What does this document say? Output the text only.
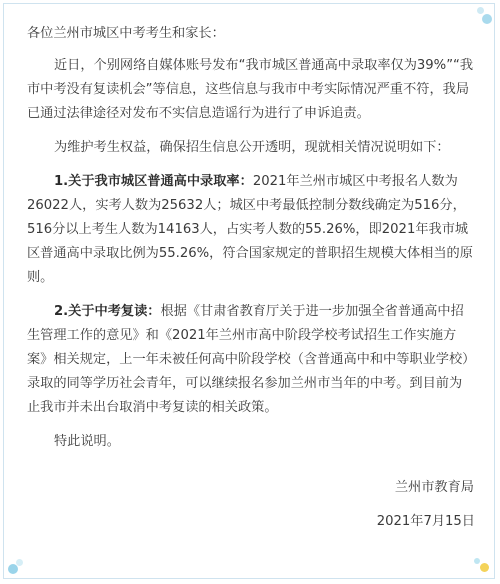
各位兰州市城区中考考生和家长：

近日，个别网络自媒体账号发布“我市城区普通高中录取率仅为39%”“我市中考没有复读机会”等信息，这些信息与我市中考实际情况严重不符，我局已通过法律途径对发布不实信息造谣行为进行了申诉追责。

为维护考生权益，确保招生信息公开透明，现就相关情况说明如下：

1.关于我市城区普通高中录取率：2021年兰州市城区中考报名人数为26022人，实考人数为25632人；城区中考最低控制分数线确定为516分，516分以上考生人数为14163人，占实考人数的55.26%，即2021年我市城区普通高中录取比例为55.26%，符合国家规定的普职招生规模大体相当的原则。

2.关于中考复读：根据《甘肃省教育厅关于进一步加强全省普通高中招生管理工作的意见》和《2021年兰州市高中阶段学校考试招生工作实施方案》相关规定，上一年未被任何高中阶段学校（含普通高中和中等职业学校）录取的同等学历社会青年，可以继续报名参加兰州市当年的中考。到目前为止我市并未出台取消中考复读的相关政策。

特此说明。

兰州市教育局

2021年7月15日
